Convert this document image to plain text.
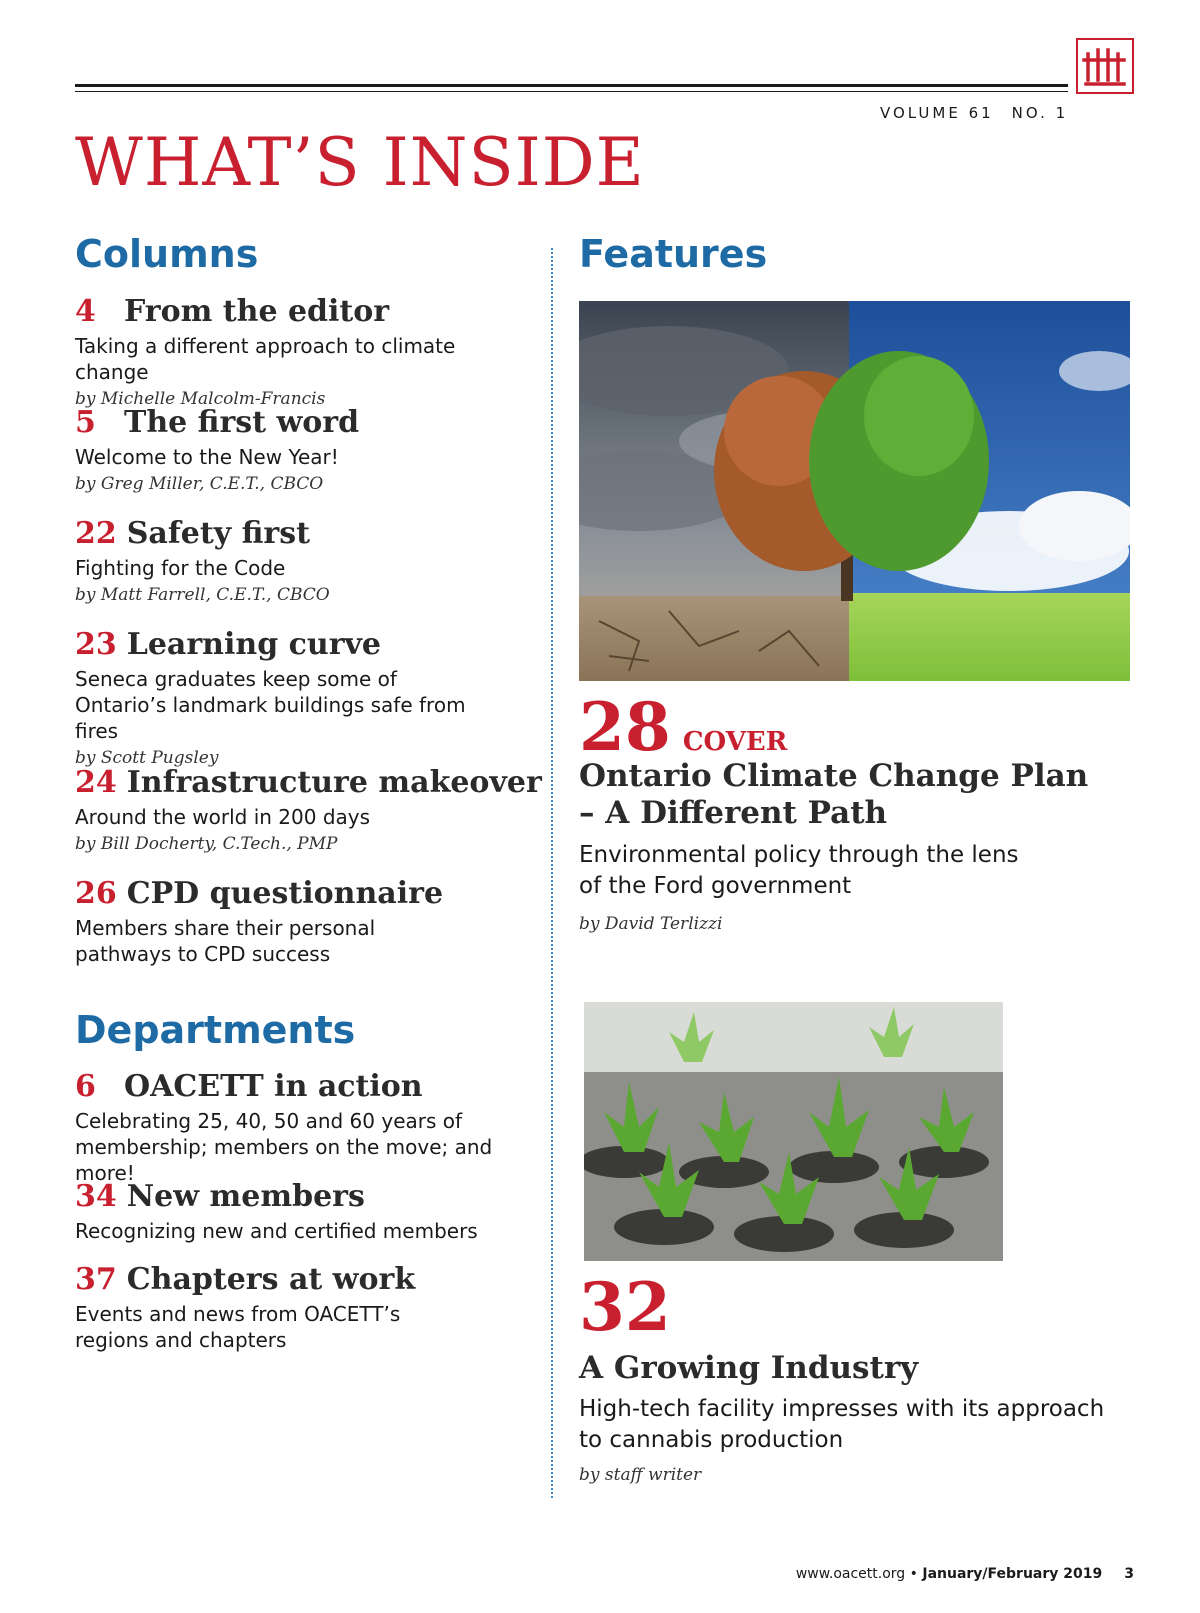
VOLUME 61 NO. 1
WHAT’S INSIDE
Columns
4 From the editor
Taking a different approach to climate change
by Michelle Malcolm-Francis
5 The first word
Welcome to the New Year!
by Greg Miller, C.E.T., CBCO
22 Safety first
Fighting for the Code
by Matt Farrell, C.E.T., CBCO
23 Learning curve
Seneca graduates keep some of Ontario’s landmark buildings safe from fires
by Scott Pugsley
24 Infrastructure makeover
Around the world in 200 days
by Bill Docherty, C.Tech., PMP
26 CPD questionnaire
Members share their personal pathways to CPD success
Departments
6 OACETT in action
Celebrating 25, 40, 50 and 60 years of membership; members on the move; and more!
34 New members
Recognizing new and certified members
37 Chapters at work
Events and news from OACETT’s regions and chapters
Features
28 COVER
Ontario Climate Change Plan – A Different Path
Environmental policy through the lens of the Ford government
by David Terlizzi
32
A Growing Industry
High-tech facility impresses with its approach to cannabis production
by staff writer
www.oacett.org • January/February 2019 3
